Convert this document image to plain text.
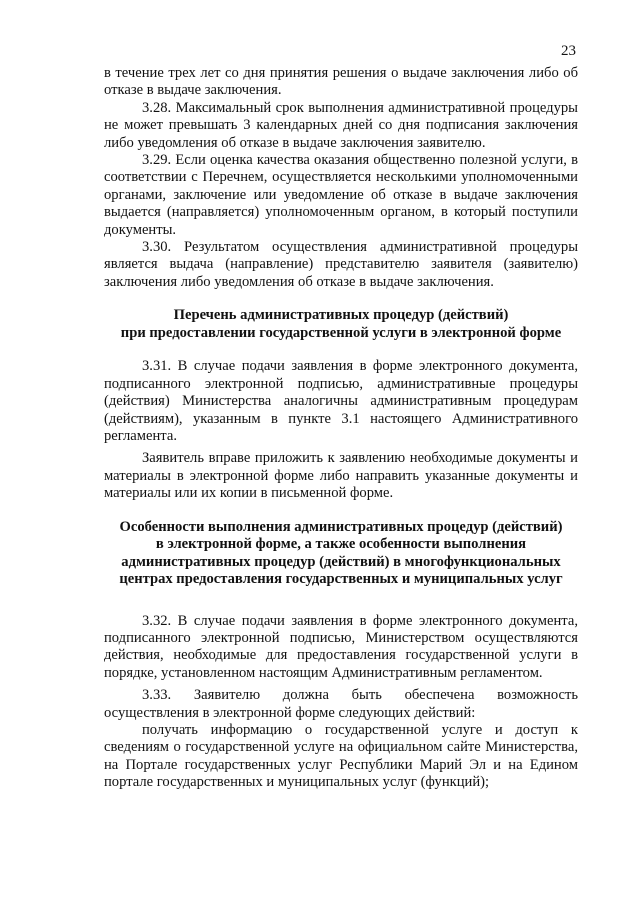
23

в течение трех лет со дня принятия решения о выдаче заключения либо об отказе в выдаче заключения.

3.28. Максимальный срок выполнения административной процедуры не может превышать 3 календарных дней со дня подписания заключения либо уведомления об отказе в выдаче заключения заявителю.

3.29. Если оценка качества оказания общественно полезной услуги, в соответствии с Перечнем, осуществляется несколькими уполномоченными органами, заключение или уведомление об отказе в выдаче заключения выдается (направляется) уполномоченным органом, в который поступили документы.

3.30. Результатом осуществления административной процедуры является выдача (направление) представителю заявителя (заявителю) заключения либо уведомления об отказе в выдаче заключения.

Перечень административных процедур (действий)
при предоставлении государственной услуги в электронной форме

3.31. В случае подачи заявления в форме электронного документа, подписанного электронной подписью, административные процедуры (действия) Министерства аналогичны административным процедурам (действиям), указанным в пункте 3.1 настоящего Административного регламента.

Заявитель вправе приложить к заявлению необходимые документы и материалы в электронной форме либо направить указанные документы и материалы или их копии в письменной форме.

Особенности выполнения административных процедур (действий)
в электронной форме, а также особенности выполнения
административных процедур (действий) в многофункциональных
центрах предоставления государственных и муниципальных услуг

3.32. В случае подачи заявления в форме электронного документа, подписанного электронной подписью, Министерством осуществляются действия, необходимые для предоставления государственной услуги в порядке, установленном настоящим Административным регламентом.

3.33. Заявителю должна быть обеспечена возможность осуществления в электронной форме следующих действий:

получать информацию о государственной услуге и доступ к сведениям о государственной услуге на официальном сайте Министерства, на Портале государственных услуг Республики Марий Эл и на Едином портале государственных и муниципальных услуг (функций);
